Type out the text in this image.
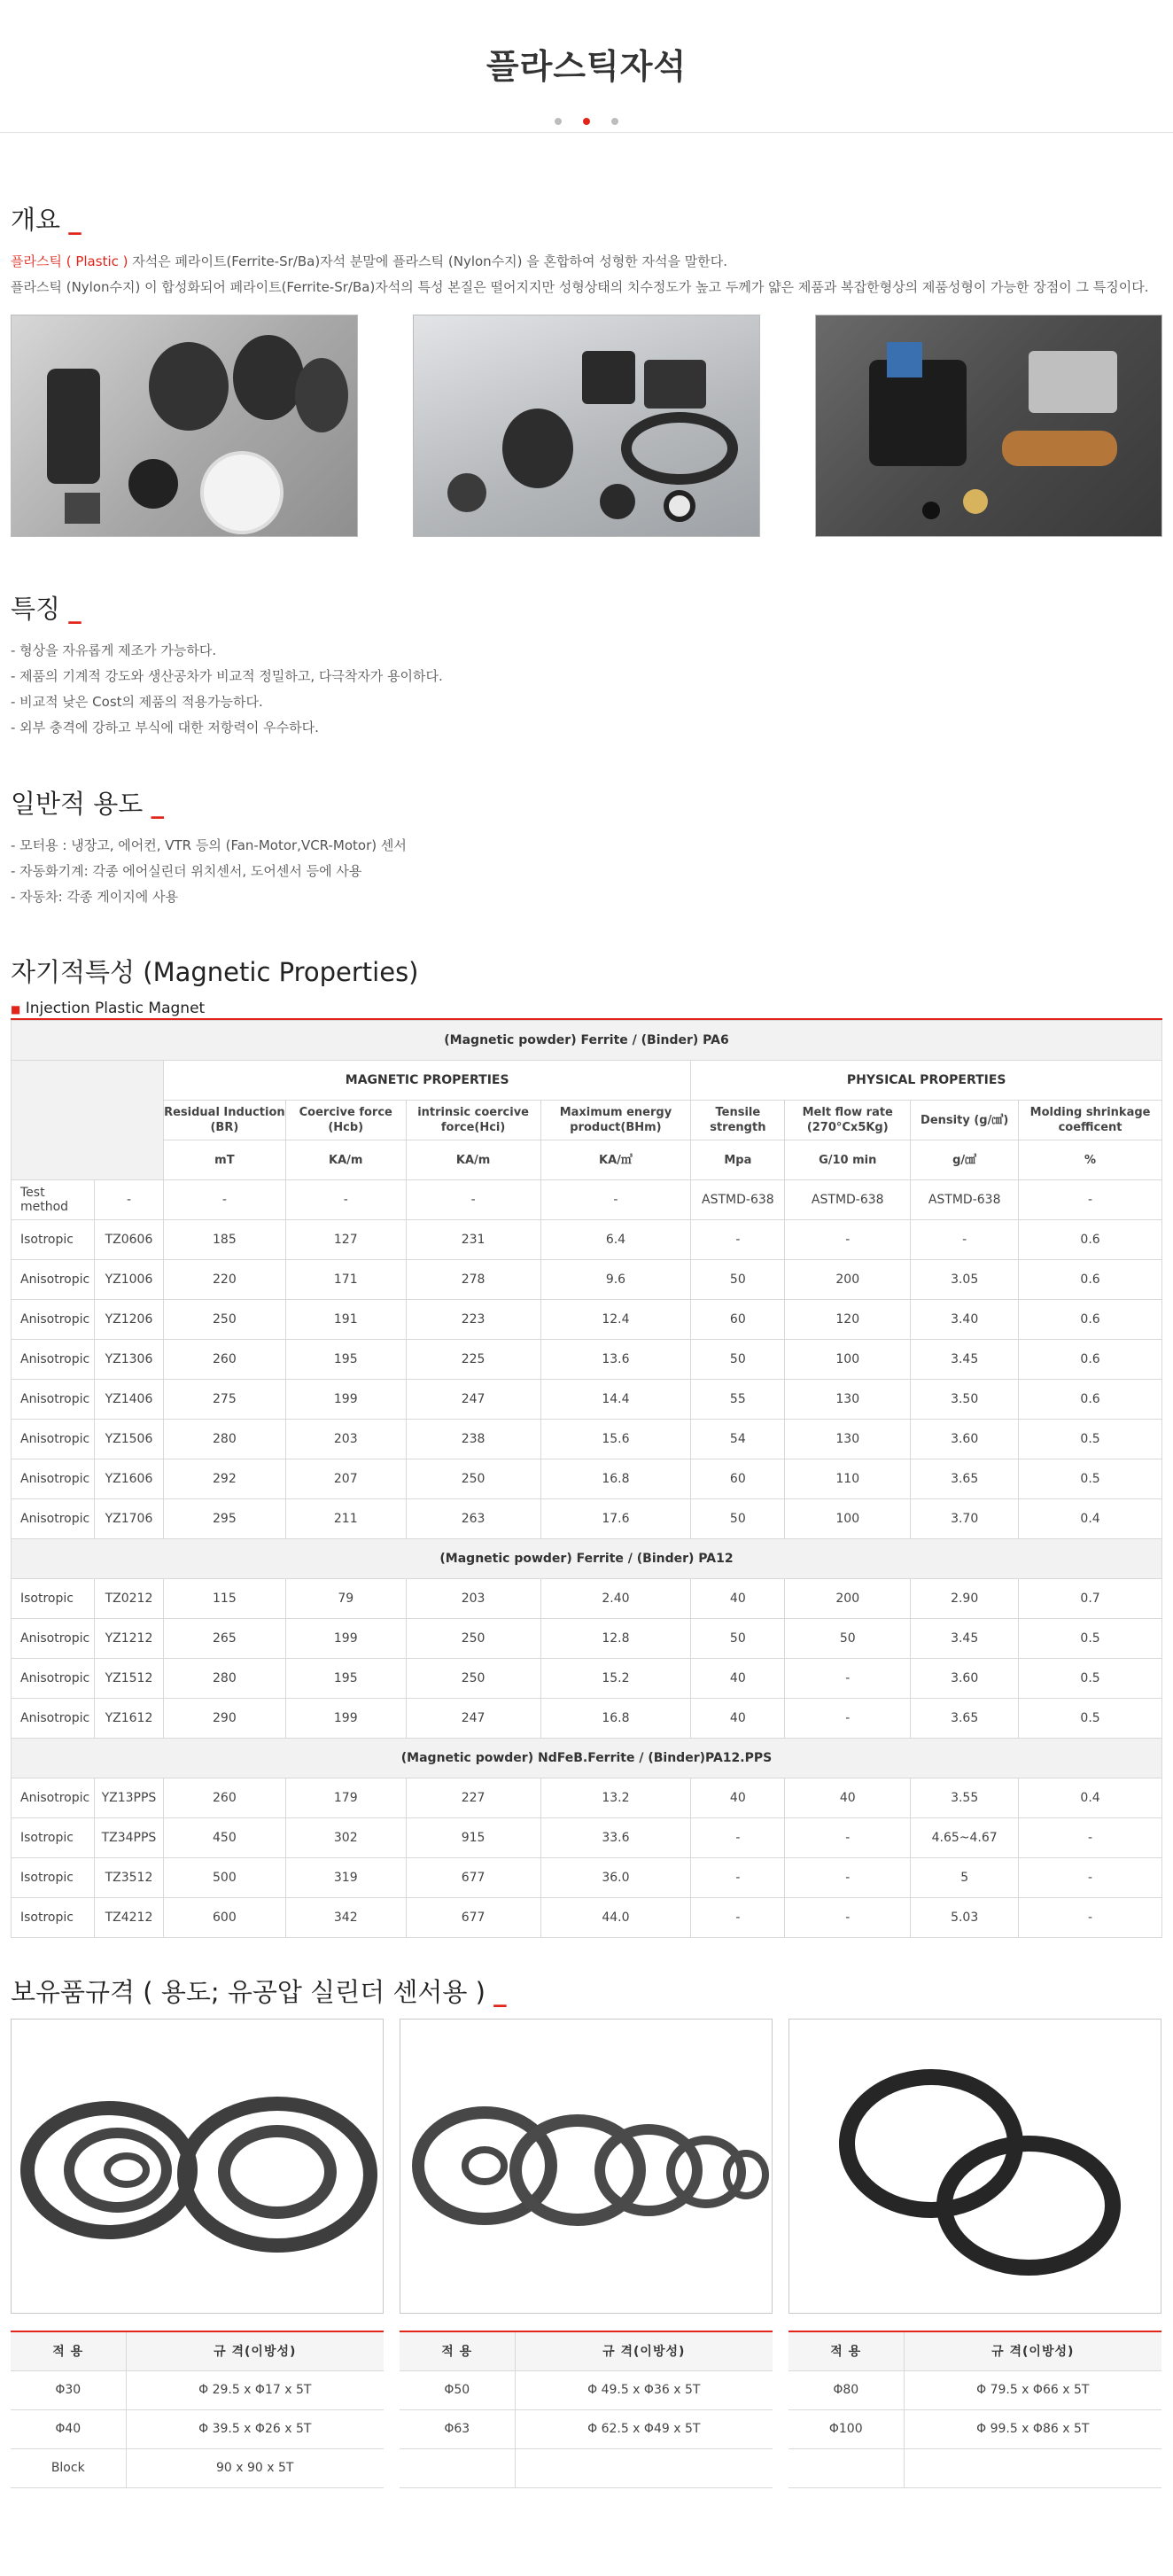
플라스틱자석

개요 _
플라스틱 ( Plastic ) 자석은 페라이트(Ferrite-Sr/Ba)자석 분말에 플라스틱 (Nylon수지) 을 혼합하여 성형한 자석을 말한다.
플라스틱 (Nylon수지) 이 합성화되어 페라이트(Ferrite-Sr/Ba)자석의 특성 본질은 떨어지지만 성형상태의 치수정도가 높고 두께가 얇은 제품과 복잡한형상의 제품성형이 가능한 장점이 그 특징이다.
특징 _
- 형상을 자유롭게 제조가 가능하다.
- 제품의 기계적 강도와 생산공차가 비교적 정밀하고, 다극착자가 용이하다.
- 비교적 낮은 Cost의 제품의 적용가능하다.
- 외부 충격에 강하고 부식에 대한 저항력이 우수하다.
일반적 용도 _
- 모터용 : 냉장고, 에어컨, VTR 등의 (Fan-Motor,VCR-Motor) 센서
- 자동화기계: 각종 에어실린더 위치센서, 도어센서 등에 사용
- 자동차: 각종 게이지에 사용
자기적특성 (Magnetic Properties)
■ Injection Plastic Magnet
(Magnetic powder) Ferrite / (Binder) PA6									
		MAGNETIC PROPERTIES				PHYSICAL PROPERTIES			
		Residual Induction (BR)	Coercive force (Hcb)	intrinsic coercive force(Hci)	Maximum energy product(BHm)	Tensile strength	Melt flow rate (270°Cx5Kg)	Density (g/㎤)	Molding shrinkage coefficent
		mT	KA/m	KA/m	KA/㎥	Mpa	G/10 min	g/㎤	%
Test method	-	-	-	-	-	ASTMD-638	ASTMD-638	ASTMD-638	-
Isotropic	TZ0606	185	127	231	6.4	-	-	-	0.6
Anisotropic	YZ1006	220	171	278	9.6	50	200	3.05	0.6
Anisotropic	YZ1206	250	191	223	12.4	60	120	3.40	0.6
Anisotropic	YZ1306	260	195	225	13.6	50	100	3.45	0.6
Anisotropic	YZ1406	275	199	247	14.4	55	130	3.50	0.6
Anisotropic	YZ1506	280	203	238	15.6	54	130	3.60	0.5
Anisotropic	YZ1606	292	207	250	16.8	60	110	3.65	0.5
Anisotropic	YZ1706	295	211	263	17.6	50	100	3.70	0.4
(Magnetic powder) Ferrite / (Binder) PA12									
Isotropic	TZ0212	115	79	203	2.40	40	200	2.90	0.7
Anisotropic	YZ1212	265	199	250	12.8	50	50	3.45	0.5
Anisotropic	YZ1512	280	195	250	15.2	40	-	3.60	0.5
Anisotropic	YZ1612	290	199	247	16.8	40	-	3.65	0.5
(Magnetic powder) NdFeB.Ferrite / (Binder)PA12.PPS									
Anisotropic	YZ13PPS	260	179	227	13.2	40	40	3.55	0.4
Isotropic	TZ34PPS	450	302	915	33.6	-	-	4.65~4.67	-
Isotropic	TZ3512	500	319	677	36.0	-	-	5	-
Isotropic	TZ4212	600	342	677	44.0	-	-	5.03	-
보유품규격 ( 용도; 유공압 실린더 센서용 ) _
적 용	규 격(이방성)
Φ30	Φ 29.5 x Φ17 x 5T
Φ40	Φ 39.5 x Φ26 x 5T
Block	90 x 90 x 5T
적 용	규 격(이방성)
Φ50	Φ 49.5 x Φ36 x 5T
Φ63	Φ 62.5 x Φ49 x 5T

적 용	규 격(이방성)
Φ80	Φ 79.5 x Φ66 x 5T
Φ100	Φ 99.5 x Φ86 x 5T
